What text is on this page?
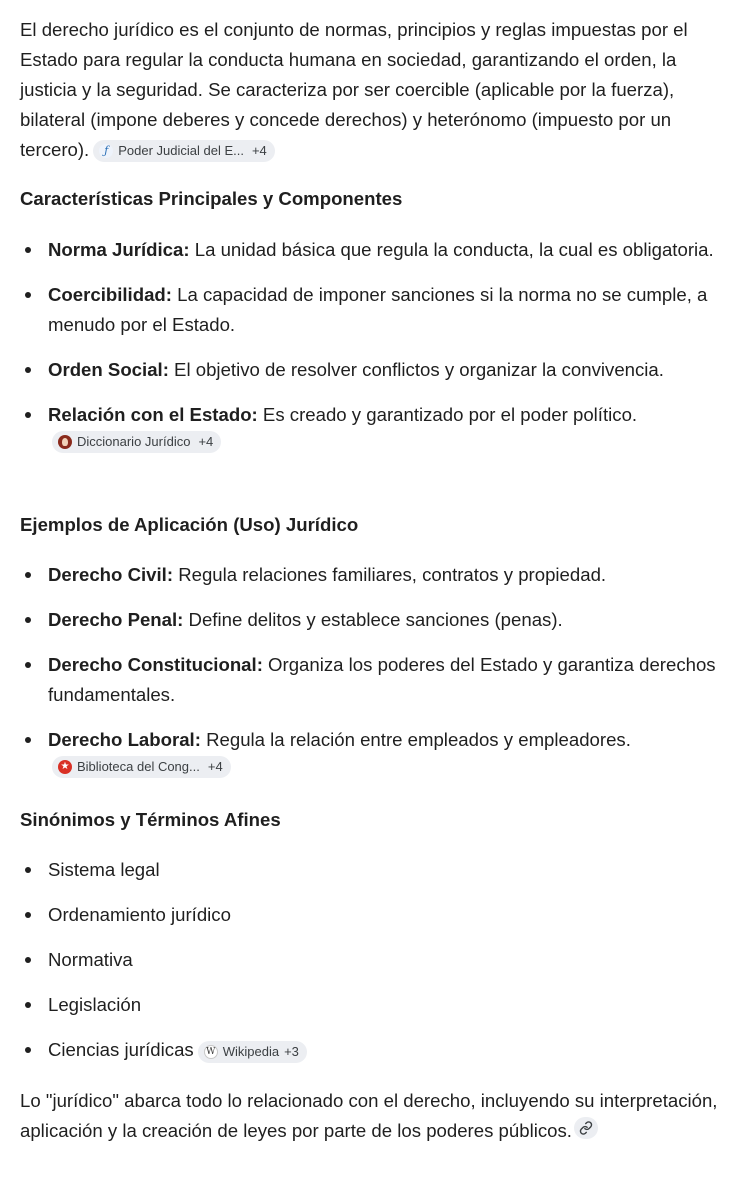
El derecho jurídico es el conjunto de normas, principios y reglas impuestas por el Estado para regular la conducta humana en sociedad, garantizando el orden, la justicia y la seguridad. Se caracteriza por ser coercible (aplicable por la fuerza), bilateral (impone deberes y concede derechos) y heterónomo (impuesto por un tercero).	ƒ Poder Judicial del E... +4

Características Principales y Componentes
Norma Jurídica: La unidad básica que regula la conducta, la cual es obligatoria.
Coercibilidad: La capacidad de imponer sanciones si la norma no se cumple, a menudo por el Estado.
Orden Social: El objetivo de resolver conflictos y organizar la convivencia.
Relación con el Estado: Es creado y garantizado por el poder político.
Diccionario Jurídico +4
Ejemplos de Aplicación (Uso) Jurídico
Derecho Civil: Regula relaciones familiares, contratos y propiedad.
Derecho Penal: Define delitos y establece sanciones (penas).
Derecho Constitucional: Organiza los poderes del Estado y garantiza derechos fundamentales.
Derecho Laboral: Regula la relación entre empleados y empleadores.
★
Biblioteca del Cong... +4
Sinónimos y Términos Afines
Sistema legal
Ordenamiento jurídico
Normativa
Legislación
Ciencias jurídicas W Wikipedia +3

Lo "jurídico" abarca todo lo relacionado con el derecho, incluyendo su interpretación, aplicación y la creación de leyes por parte de los poderes públicos.
